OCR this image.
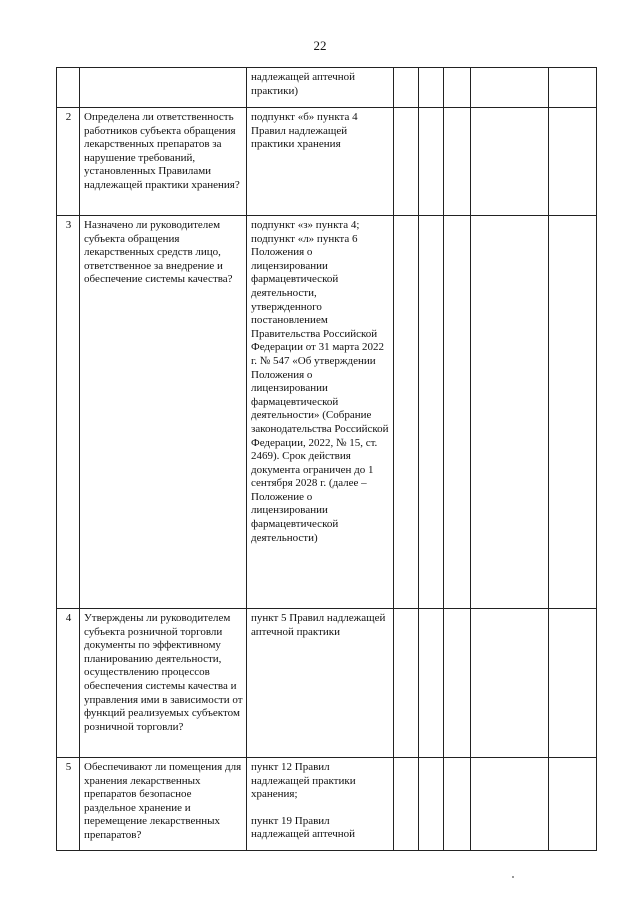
22

		надлежащей аптечной практики)					

2	Определена ли ответственность работников субъекта обращения лекарственных препаратов за нарушение требований, установленных Правилами надлежащей практики хранения?	подпункт «б» пункта 4 Правил надлежащей практики хранения					

3	Назначено ли руководителем субъекта обращения лекарственных средств лицо, ответственное за внедрение и обеспечение системы качества?	подпункт «з» пункта 4; подпункт «л» пункта 6 Положения о лицензировании фармацевтической деятельности, утвержденного постановлением Правительства Российской Федерации от 31 марта 2022 г. № 547 «Об утверждении Положения о лицензировании фармацевтической деятельности» (Собрание законодательства Российской Федерации, 2022, № 15, ст. 2469). Срок действия документа ограничен до 1 сентября 2028 г. (далее – Положение о лицензировании фармацевтической деятельности)					

4	Утверждены ли руководителем субъекта розничной торговли документы по эффективному планированию деятельности, осуществлению процессов обеспечения системы качества и управления ими в зависимости от функций реализуемых субъектом розничной торговли?	пункт 5 Правил надлежащей аптечной практики					

5	Обеспечивают ли помещения для хранения лекарственных препаратов безопасное раздельное хранение и перемещение лекарственных препаратов?	пункт 12 Правил надлежащей практики хранения;
пункт 19 Правил надлежащей аптечной					
